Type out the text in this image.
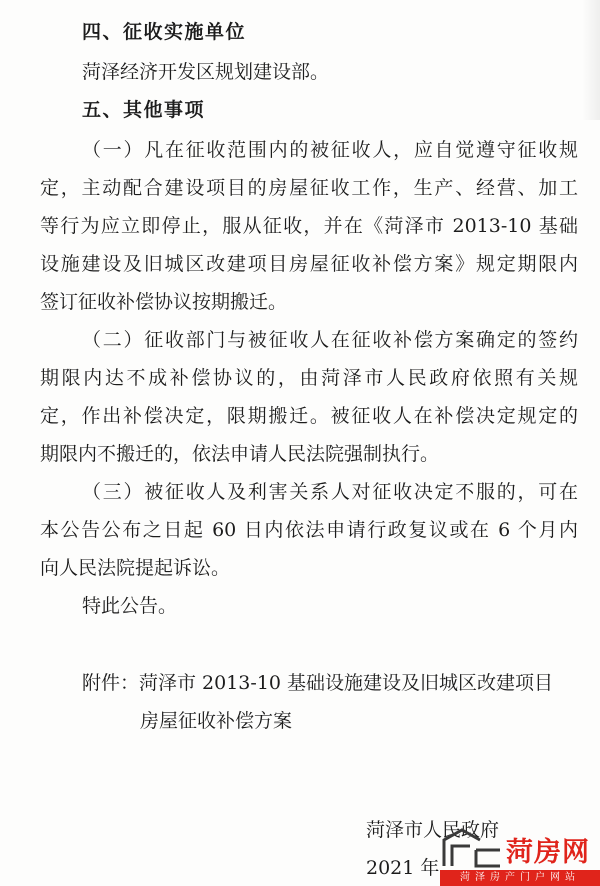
四、征收实施单位
菏泽经济开发区规划建设部。
五、其他事项
（一）凡在征收范围内的被征收人，应自觉遵守征收规
定，主动配合建设项目的房屋征收工作，生产、经营、加工
等行为应立即停止，服从征收，并在《菏泽市 2013-10 基础
设施建设及旧城区改建项目房屋征收补偿方案》规定期限内
签订征收补偿协议按期搬迁。
（二）征收部门与被征收人在征收补偿方案确定的签约
期限内达不成补偿协议的，由菏泽市人民政府依照有关规
定，作出补偿决定，限期搬迁。被征收人在补偿决定规定的
期限内不搬迁的，依法申请人民法院强制执行。
（三）被征收人及利害关系人对征收决定不服的，可在
本公告公布之日起 60 日内依法申请行政复议或在 6 个月内
向人民法院提起诉讼。
特此公告。
附件：菏泽市 2013-10 基础设施建设及旧城区改建项目
房屋征收补偿方案
菏泽市人民政府
2021 年 菏房网
菏泽房产门户网站
